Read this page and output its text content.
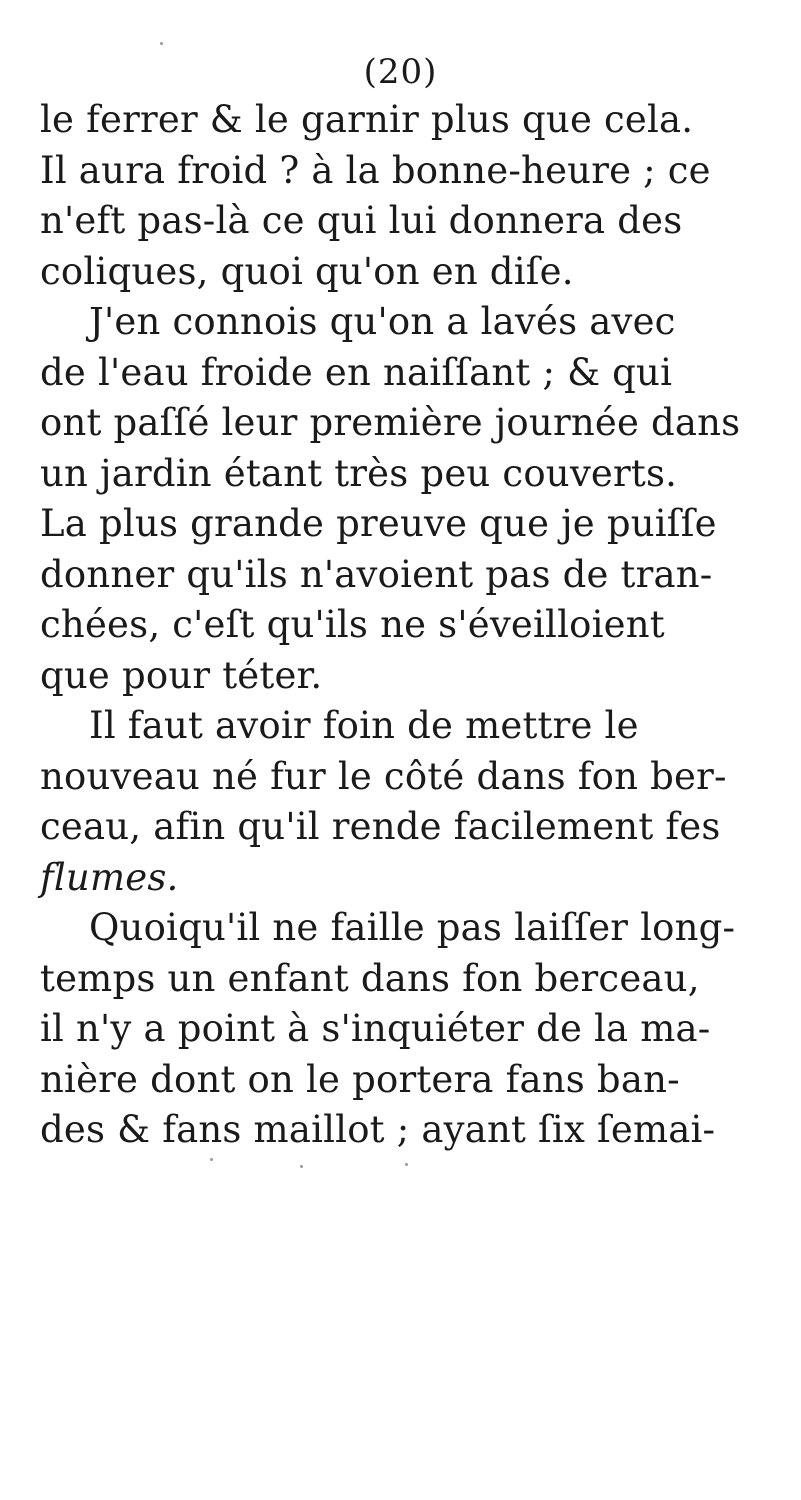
(20)
le ferrer & le garnir plus que cela.
Il aura froid ? à la bonne-heure ; ce
n'eft pas-là ce qui lui donnera des
coliques, quoi qu'on en diſe.
J'en connois qu'on a lavés avec
de l'eau froide en naiſſant ; & qui
ont paſſé leur première journée dans
un jardin étant très peu couverts.
La plus grande preuve que je puiſſe
donner qu'ils n'avoient pas de tran-
chées, c'eſt qu'ils ne s'éveilloient
que pour téter.
Il faut avoir foin de mettre le
nouveau né fur le côté dans fon ber-
ceau, afin qu'il rende facilement fes
flumes.
Quoiqu'il ne faille pas laiſſer long-
temps un enfant dans fon berceau,
il n'y a point à s'inquiéter de la ma-
nière dont on le portera fans ban-
des & fans maillot ; ayant ſix ſemai-
